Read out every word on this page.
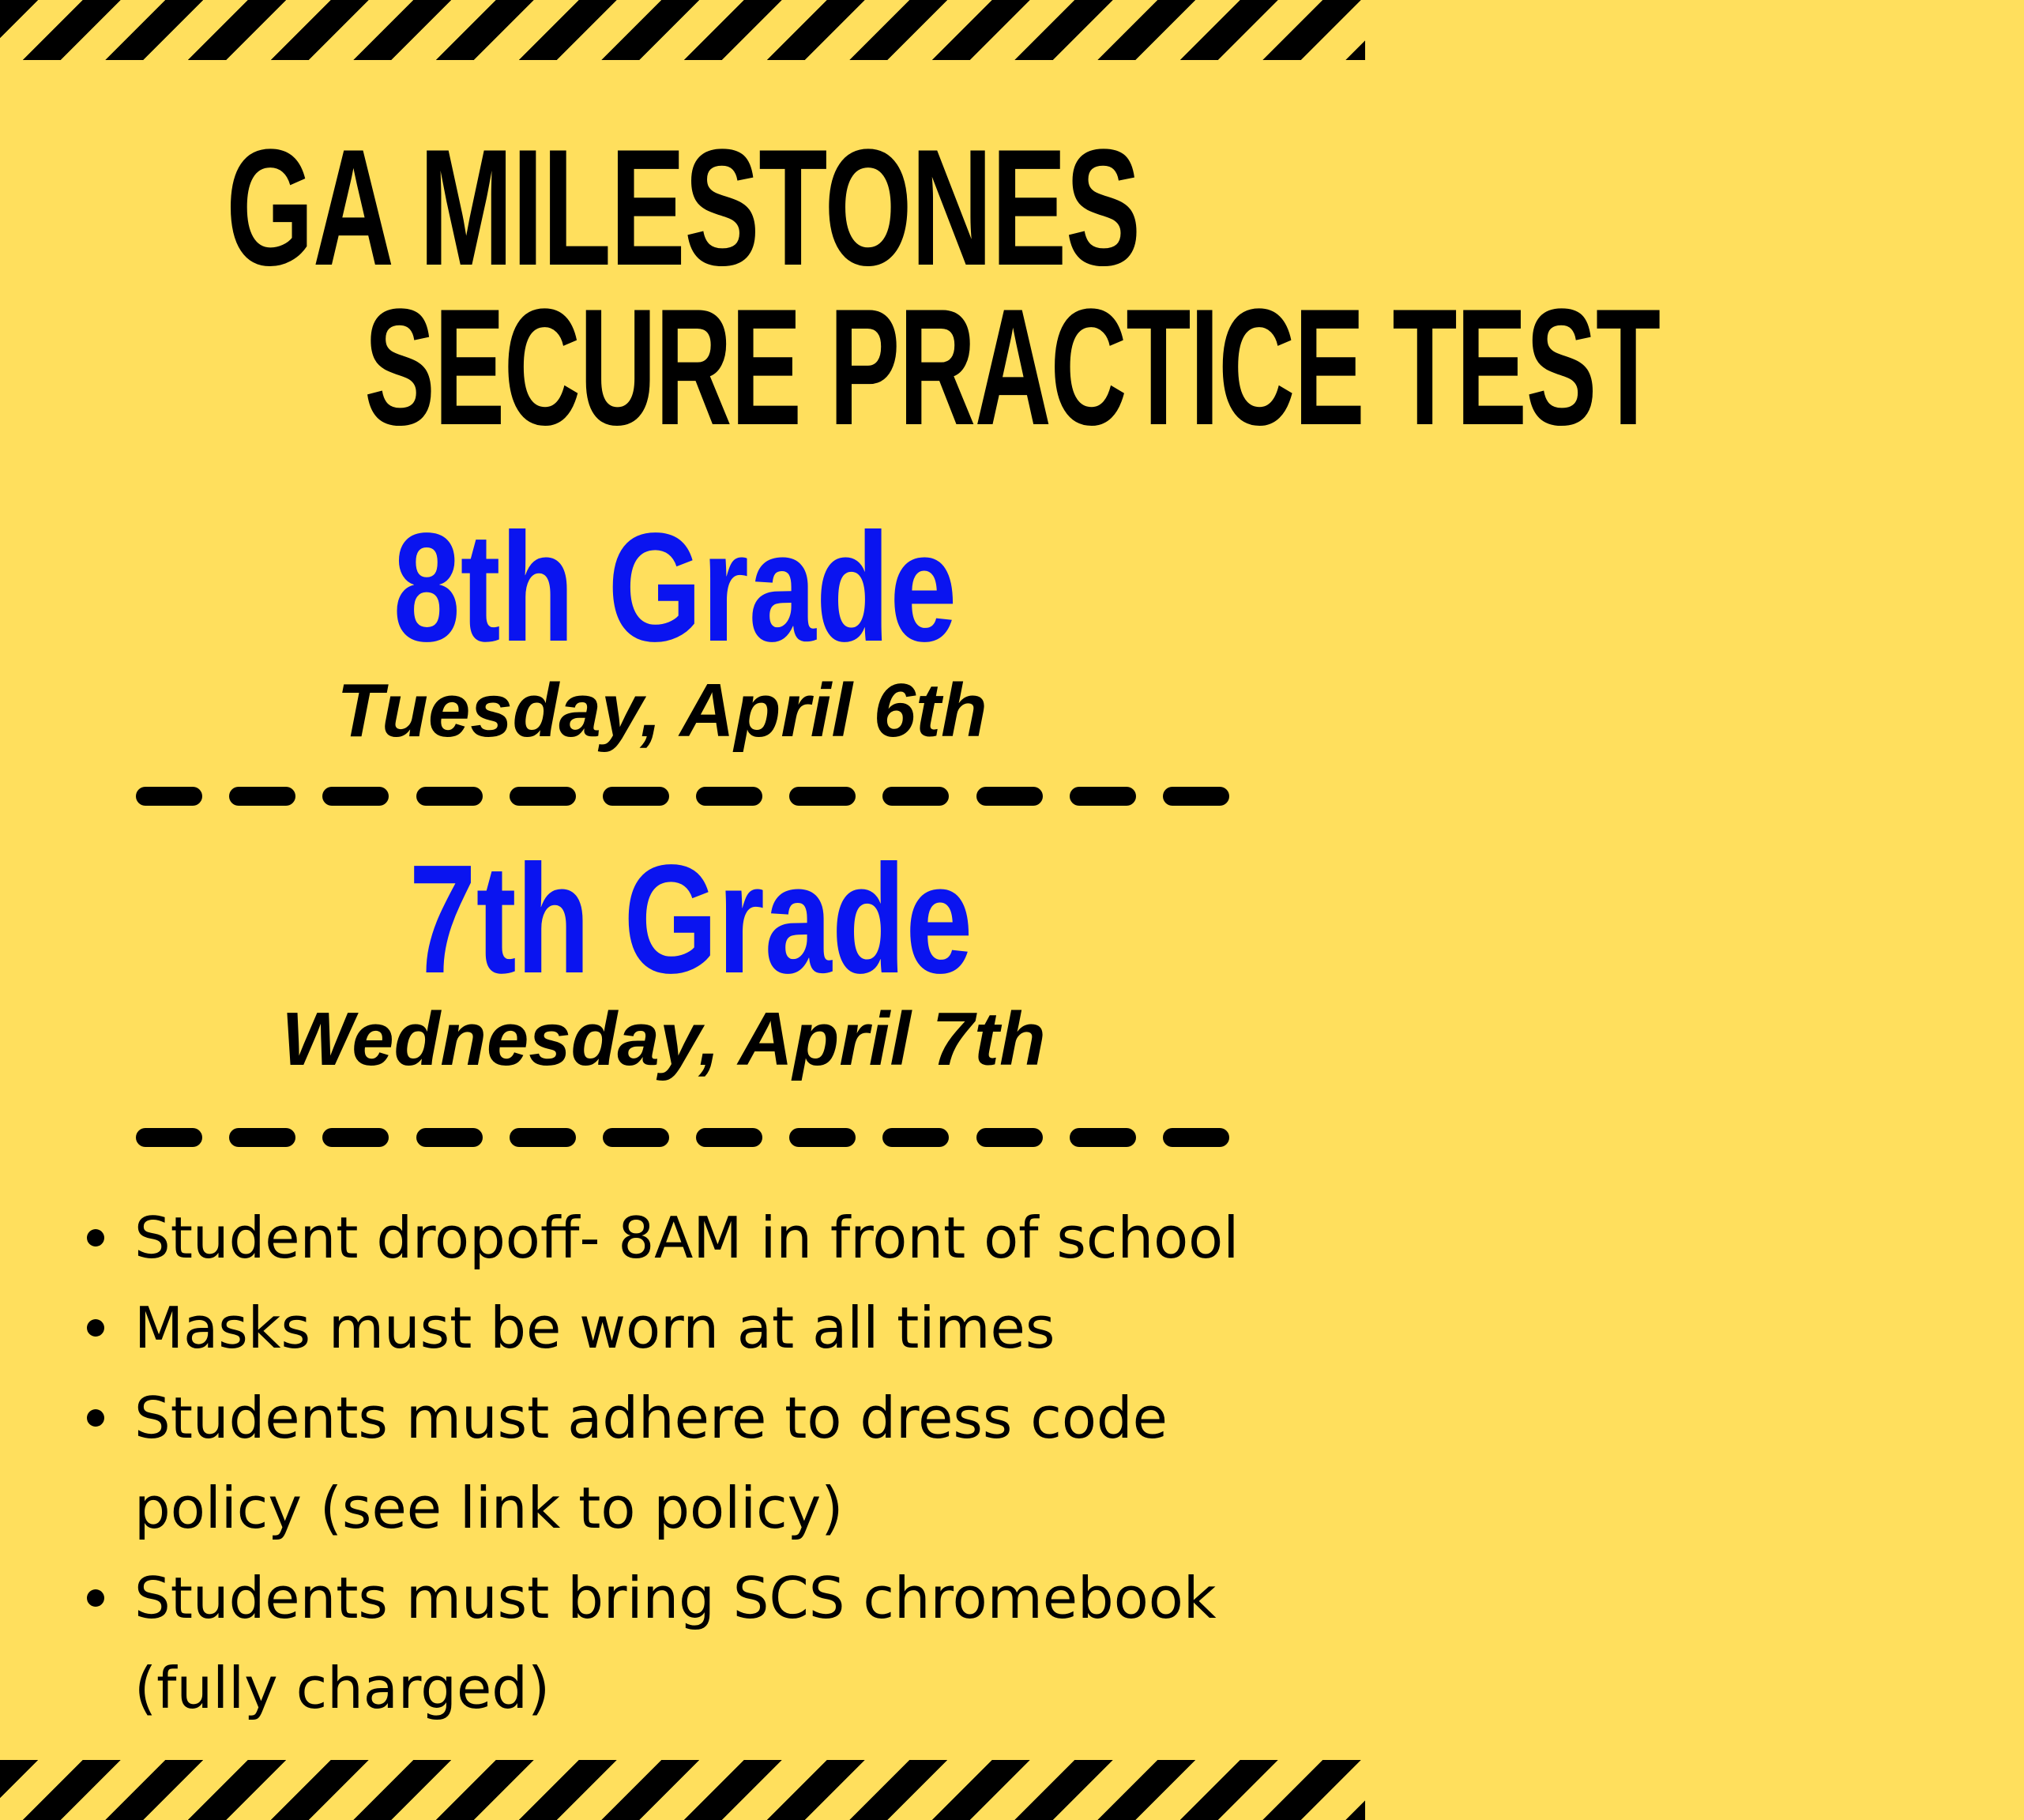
GA MILESTONES
SECURE PRACTICE TEST
8th Grade
Tuesday, April 6th
7th Grade
Wednesday, April 7th
Student dropoff- 8AM in front of school
Masks must be worn at all times
Students must adhere to dress code
policy (see link to policy)
Students must bring SCS chromebook
(fully charged)
